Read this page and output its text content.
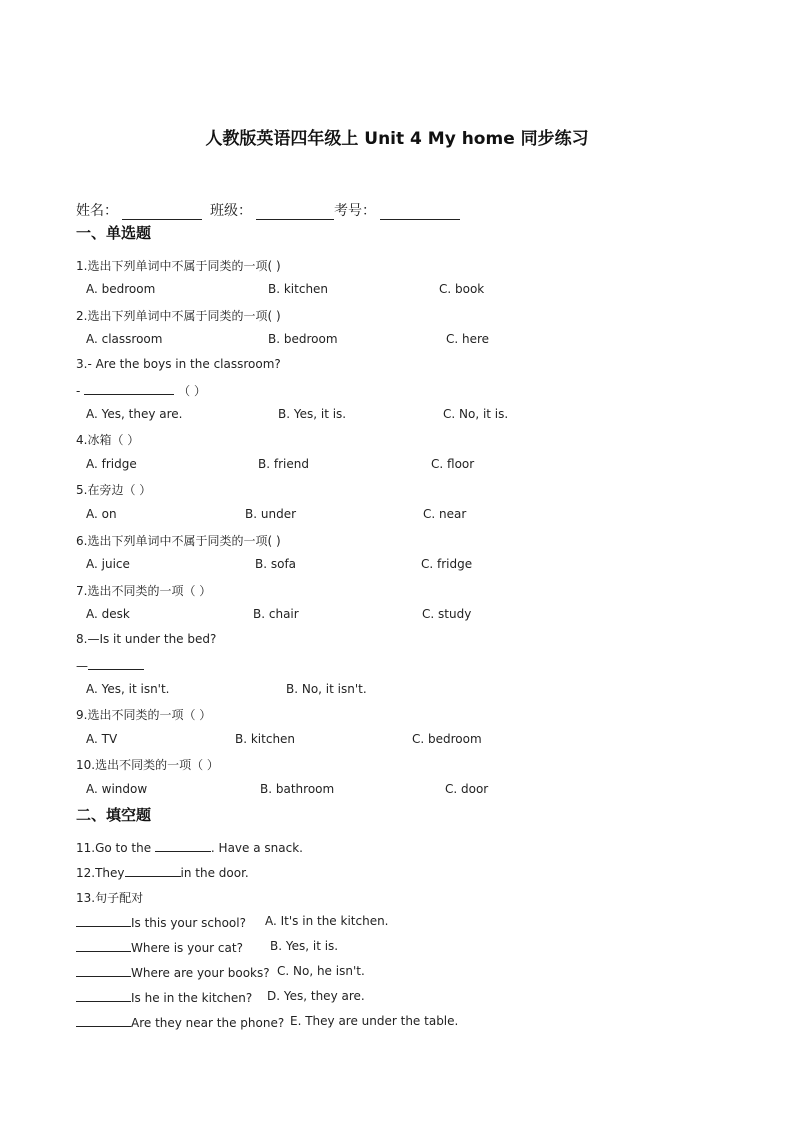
人教版英语四年级上 Unit 4 My home 同步练习
姓名：	班级：	考号：
一、单选题
1.选出下列单词中不属于同类的一项( )
A. bedroom	B. kitchen	C. book
2.选出下列单词中不属于同类的一项( )
A. classroom	B. bedroom	C. here
3.- Are the boys in the classroom?
-	（ ）
A. Yes, they are.	B. Yes, it is.	C. No, it is.
4.冰箱（ ）
A. fridge	B. friend	C. floor
5.在旁边（ ）
A. on	B. under	C. near
6.选出下列单词中不属于同类的一项( )
A. juice	B. sofa	C. fridge
7.选出不同类的一项（ ）
A. desk	B. chair	C. study
8.—Is it under the bed?
—
A. Yes, it isn't.	B. No, it isn't.
9.选出不同类的一项（ ）
A. TV	B. kitchen	C. bedroom
10.选出不同类的一项（ ）
A. window	B. bathroom	C. door
二、填空题
11.Go to the	. Have a snack.
12.They	in the door.
13.句子配对
Is this your school? A. It's in the kitchen.
Where is your cat? B. Yes, it is.
Where are your books? C. No, he isn't.
Is he in the kitchen? D. Yes, they are.
Are they near the phone? E. They are under the table.
